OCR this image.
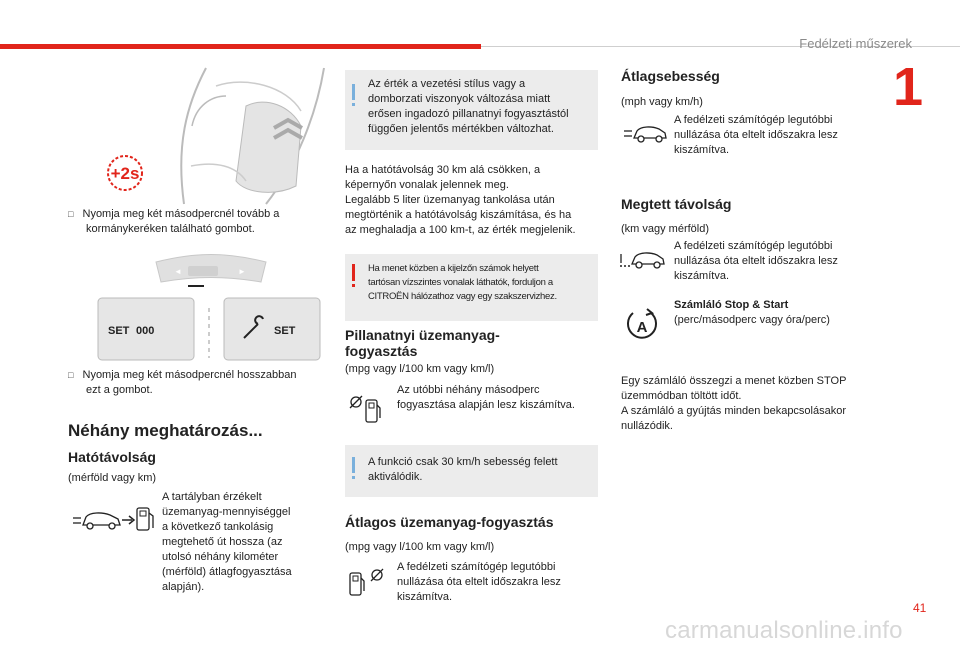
Fedélzeti műszerek
1
41
carmanualsonline.info
+2s
□ Nyomja meg két másodpercnél tovább a
kormánykeréken található gombot.
◄	►
SET 000	SET
□ Nyomja meg két másodpercnél hosszabban
ezt a gombot.
Néhány meghatározás...
Hatótávolság
(mérföld vagy km)
A tartályban érzékelt
üzemanyag-mennyiséggel
a következő tankolásig
megtehető út hossza (az
utolsó néhány kilométer
(mérföld) átlagfogyasztása
alapján).
Az érték a vezetési stílus vagy a
domborzati viszonyok változása miatt
erősen ingadozó pillanatnyi fogyasztástól
függően jelentős mértékben változhat.
Ha a hatótávolság 30 km alá csökken, a
képernyőn vonalak jelennek meg.
Legalább 5 liter üzemanyag tankolása után
megtörténik a hatótávolság kiszámítása, és ha
az meghaladja a 100 km-t, az érték megjelenik.
Ha menet közben a kijelzőn számok helyett
tartósan vízszintes vonalak láthatók, forduljon a
CITROËN hálózathoz vagy egy szakszervizhez.
Pillanatnyi üzemanyag-
fogyasztás
(mpg vagy l/100 km vagy km/l)
Az utóbbi néhány másodperc
fogyasztása alapján lesz kiszámítva.
A funkció csak 30 km/h sebesség felett
aktiválódik.
Átlagos üzemanyag-fogyasztás
(mpg vagy l/100 km vagy km/l)
A fedélzeti számítógép legutóbbi
nullázása óta eltelt időszakra lesz
kiszámítva.
Átlagsebesség
(mph vagy km/h)
A fedélzeti számítógép legutóbbi
nullázása óta eltelt időszakra lesz
kiszámítva.
Megtett távolság
(km vagy mérföld)
A fedélzeti számítógép legutóbbi
nullázása óta eltelt időszakra lesz
kiszámítva.
A
Számláló Stop & Start
(perc/másodperc vagy óra/perc)
Egy számláló összegzi a menet közben STOP
üzemmódban töltött időt.
A számláló a gyújtás minden bekapcsolásakor
nullázódik.
